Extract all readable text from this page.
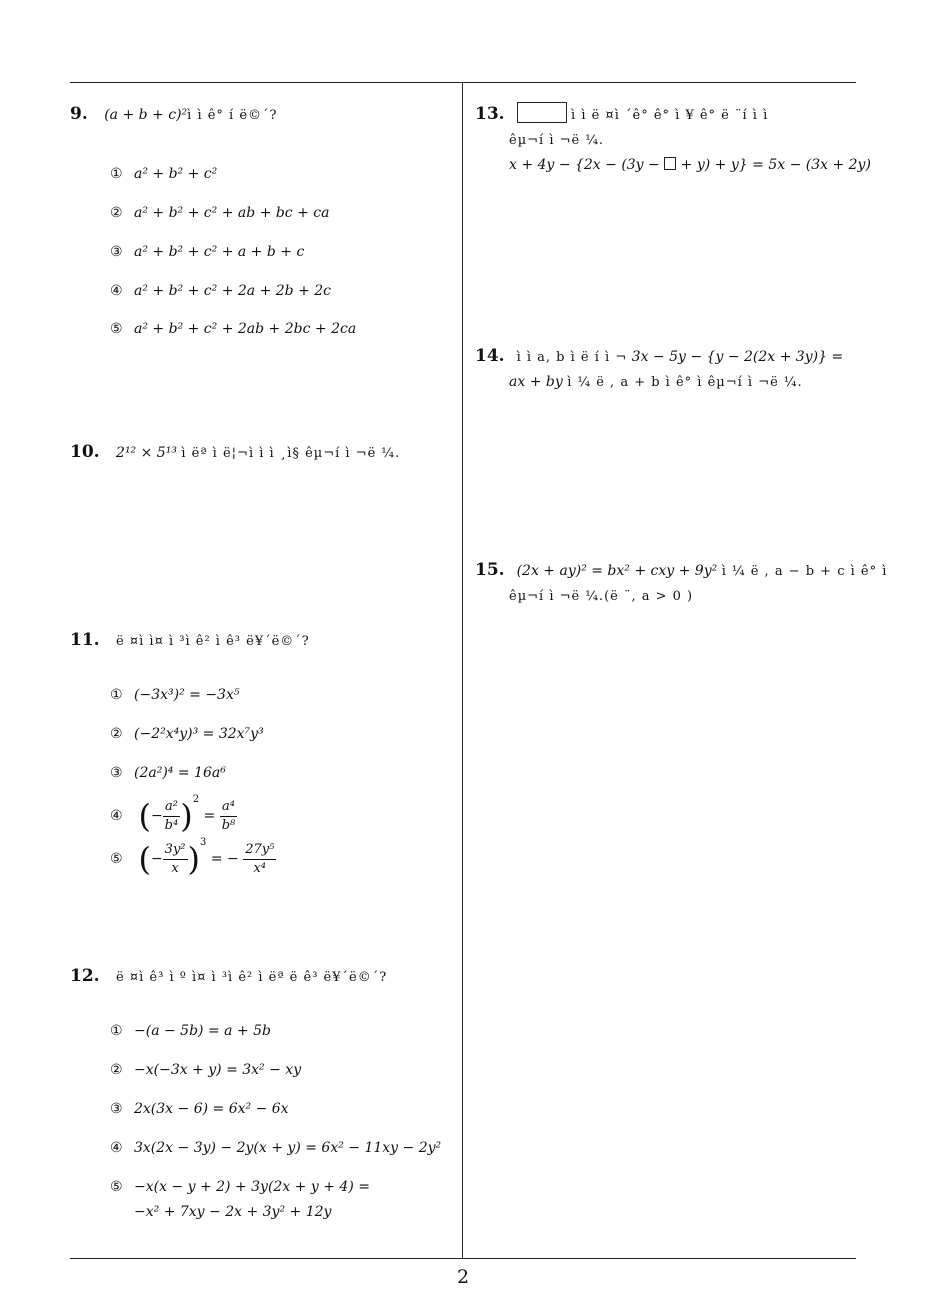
9. (a + b + c)²ì ì ê° í ë©´?
① a² + b² + c²
② a² + b² + c² + ab + bc + ca
③ a² + b² + c² + a + b + c
④ a² + b² + c² + 2a + 2b + 2c
⑤ a² + b² + c² + 2ab + 2bc + 2ca
10. 2¹² × 5¹³ ì ëª ì ë¦¬ì ì ì ¸ì§ êµ¬í ì ¬ë ¼.
11. ë ¤ì ì¤ ì ³ì ê² ì ê³ ë¥´ë©´?
① (−3x³)² = −3x⁵
② (−2²x⁴y)³ = 32x⁷y³
③ (2a²)⁴ = 16a⁶
④ (− $\frac{\text{a²}}{\text{b⁴}} )^2 = \frac{\text{a⁴}}{\text{b⁸}}$
⑤ (− $\frac{\text{3y²}}{x} )^3$ = − $\frac{\text{27y⁵}}{\text{x⁴}}$
12. ë ¤ì ê³ ì º ì¤ ì ³ì ê² ì ëª ë ê³ ë¥´ë©´?
① −(a − 5b) = a + 5b
② −x(−3x + y) = 3x² − xy
③ 2x(3x − 6) = 6x² − 6x
④ 3x(2x − 3y) − 2y(x + y) = 6x² − 11xy − 2y²
⑤ −x(x − y + 2) + 3y(2x + y + 4) =
−x² + 7xy − 2x + 3y² + 12y
13.	ì ì ë ¤ì ´ê° ê° ì ¥ ê° ë ¨í ì ì
êµ¬í ì ¬ë ¼.
x + 4y − {2x − (3y −  + y) + y} = 5x − (3x + 2y)
14. ì ì a, b ì ë í ì ¬ 3x − 5y − {y − 2(2x + 3y)} =
ax + by ì ¼ ë , a + b ì ê° ì êµ¬í ì ¬ë ¼.
15. (2x + ay)² = bx² + cxy + 9y² ì ¼ ë , a − b + c ì ê° ì
êµ¬í ì ¬ë ¼.(ë ¨, a > 0 )
2
